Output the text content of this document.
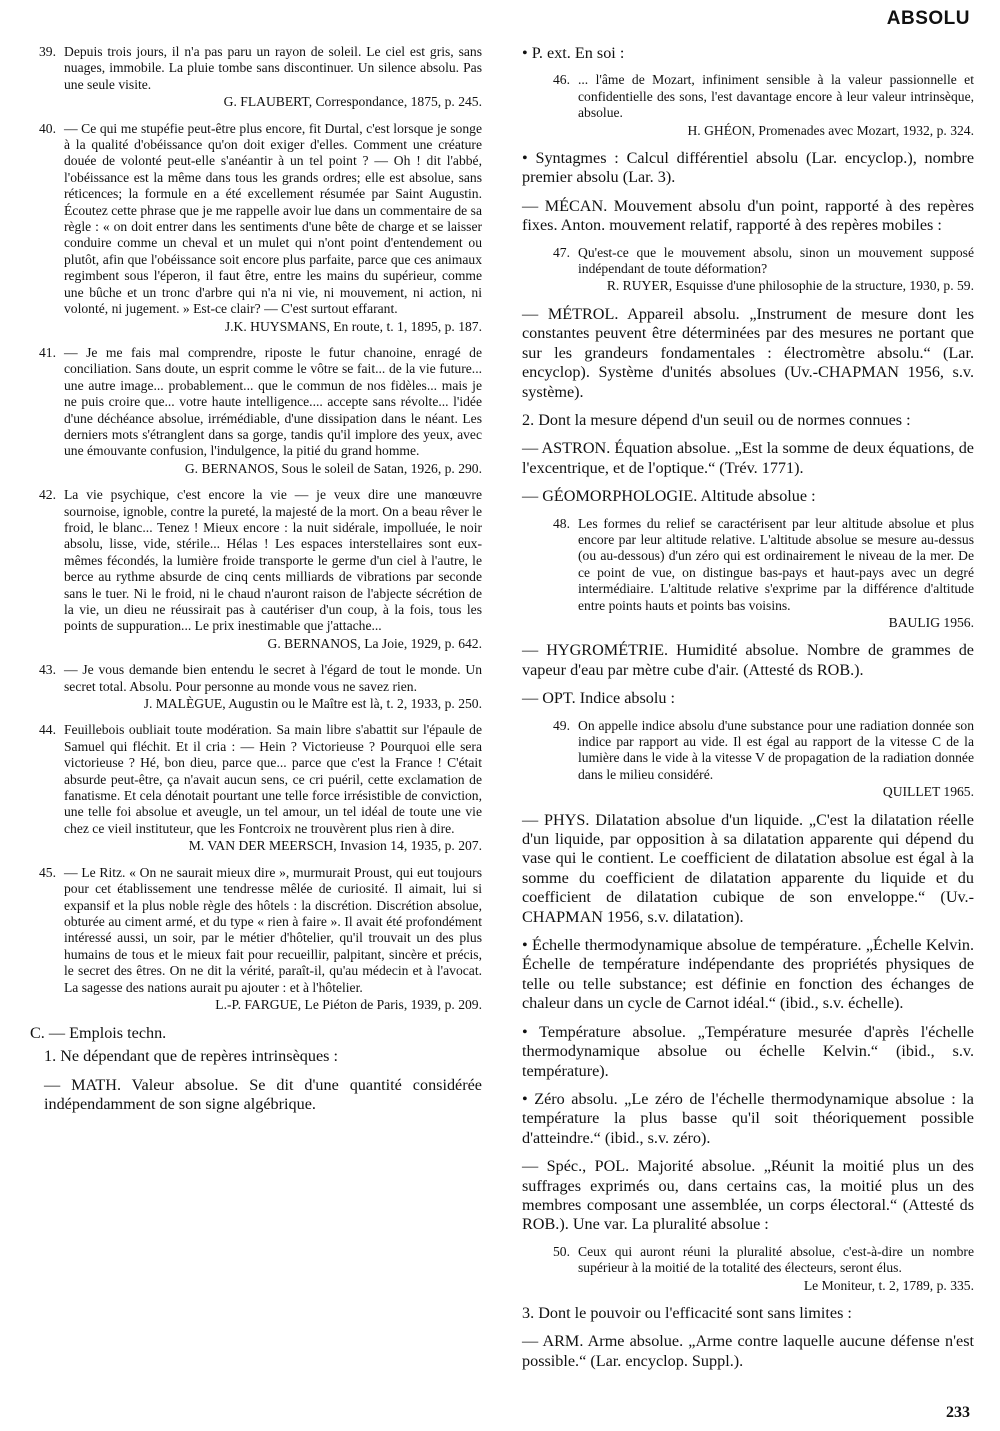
ABSOLU
39. Depuis trois jours, il n'a pas paru un rayon de soleil. Le ciel est gris, sans nuages, immobile. La pluie tombe sans discontinuer. Un silence absolu. Pas une seule visite.

G. FLAUBERT, Correspondance, 1875, p. 245.
40. — Ce qui me stupéfie peut-être plus encore, fit Durtal, c'est lorsque je songe à la qualité d'obéissance qu'on doit exiger d'elles. Comment une créature douée de volonté peut-elle s'anéantir à un tel point ? — Oh ! dit l'abbé, l'obéissance est la même dans tous les grands ordres; elle est absolue, sans réticences; la formule en a été excellement résumée par Saint Augustin. Écoutez cette phrase que je me rappelle avoir lue dans un commentaire de sa règle : « on doit entrer dans les sentiments d'une bête de charge et se laisser conduire comme un cheval et un mulet qui n'ont point d'entendement ou plutôt, afin que l'obéissance soit encore plus parfaite, parce que ces animaux regimbent sous l'éperon, il faut être, entre les mains du supérieur, comme une bûche et un tronc d'arbre qui n'a ni vie, ni mouvement, ni action, ni volonté, ni jugement. » Est-ce clair? — C'est surtout effarant.

J.K. HUYSMANS, En route, t. 1, 1895, p. 187.
41. — Je me fais mal comprendre, riposte le futur chanoine, enragé de conciliation. Sans doute, un esprit comme le vôtre se fait... de la vie future... une autre image... probablement... que le commun de nos fidèles... mais je ne puis croire que... votre haute intelligence.... accepte sans révolte... l'idée d'une déchéance absolue, irrémédiable, d'une dissipation dans le néant. Les derniers mots s'étranglent dans sa gorge, tandis qu'il implore des yeux, avec une émouvante confusion, l'indulgence, la pitié du grand homme.

G. BERNANOS, Sous le soleil de Satan, 1926, p. 290.
42. La vie psychique, c'est encore la vie — je veux dire une manœuvre sournoise, ignoble, contre la pureté, la majesté de la mort. On a beau rêver le froid, le blanc... Tenez ! Mieux encore : la nuit sidérale, impolluée, le noir absolu, lisse, vide, stérile... Hélas ! Les espaces interstellaires sont eux-mêmes fécondés, la lumière froide transporte le germe d'un ciel à l'autre, le berce au rythme absurde de cinq cents milliards de vibrations par seconde sans le tuer. Ni le froid, ni le chaud n'auront raison de l'abjecte sécrétion de la vie, un dieu ne réussirait pas à cautériser d'un coup, à la fois, tous les points de suppuration... Le prix inestimable que j'attache...

G. BERNANOS, La Joie, 1929, p. 642.
43. — Je vous demande bien entendu le secret à l'égard de tout le monde. Un secret total. Absolu. Pour personne au monde vous ne savez rien.

J. MALÈGUE, Augustin ou le Maître est là, t. 2, 1933, p. 250.
44. Feuillebois oubliait toute modération. Sa main libre s'abattit sur l'épaule de Samuel qui fléchit. Et il cria : — Hein ? Victorieuse ? Pourquoi elle sera victorieuse ? Hé, bon dieu, parce que... parce que c'est la France ! C'était absurde peut-être, ça n'avait aucun sens, ce cri puéril, cette exclamation de fanatisme. Et cela dénotait pourtant une telle force irrésistible de conviction, une telle foi absolue et aveugle, un tel amour, un tel idéal de toute une vie chez ce vieil instituteur, que les Fontcroix ne trouvèrent plus rien à dire.

M. VAN DER MEERSCH, Invasion 14, 1935, p. 207.
45. — Le Ritz. « On ne saurait mieux dire », murmurait Proust, qui eut toujours pour cet établissement une tendresse mêlée de curiosité. Il aimait, lui si expansif et la plus noble règle des hôtels : la discrétion. Discrétion absolue, obturée au ciment armé, et du type « rien à faire ». Il avait été profondément intéressé aussi, un soir, par le métier d'hôtelier, qu'il trouvait un des plus humains de tous et le mieux fait pour recueillir, palpitant, sincère et précis, le secret des êtres. On ne dit la vérité, paraît-il, qu'au médecin et à l'avocat. La sagesse des nations aurait pu ajouter : et à l'hôtelier.

L.-P. FARGUE, Le Piéton de Paris, 1939, p. 209.
C. — Emplois techn.
1. Ne dépendant que de repères intrinsèques :
— MATH. Valeur absolue. Se dit d'une quantité considérée indépendamment de son signe algébrique.
• P. ext. En soi :
46. ... l'âme de Mozart, infiniment sensible à la valeur passionnelle et confidentielle des sons, l'est davantage encore à leur valeur intrinsèque, absolue.

H. GHÉON, Promenades avec Mozart, 1932, p. 324.
• Syntagmes : Calcul différentiel absolu (Lar. encyclop.), nombre premier absolu (Lar. 3).
— MÉCAN. Mouvement absolu d'un point, rapporté à des repères fixes. Anton. mouvement relatif, rapporté à des repères mobiles :
47. Qu'est-ce que le mouvement absolu, sinon un mouvement supposé indépendant de toute déformation?

R. RUYER, Esquisse d'une philosophie de la structure, 1930, p. 59.
— MÉTROL. Appareil absolu. „Instrument de mesure dont les constantes peuvent être déterminées par des mesures ne portant que sur les grandeurs fondamentales : électromètre absolu.“ (Lar. encyclop). Système d'unités absolues (Uv.-CHAPMAN 1956, s.v. système).
2. Dont la mesure dépend d'un seuil ou de normes connues :
— ASTRON. Équation absolue. „Est la somme de deux équations, de l'excentrique, et de l'optique.“ (Trév. 1771).
— GÉOMORPHOLOGIE. Altitude absolue :
48. Les formes du relief se caractérisent par leur altitude absolue et plus encore par leur altitude relative. L'altitude absolue se mesure au-dessus (ou au-dessous) d'un zéro qui est ordinairement le niveau de la mer. De ce point de vue, on distingue bas-pays et haut-pays avec un degré intermédiaire. L'altitude relative s'exprime par la différence d'altitude entre points hauts et points bas voisins.

BAULIG 1956.
— HYGROMÉTRIE. Humidité absolue. Nombre de grammes de vapeur d'eau par mètre cube d'air. (Attesté ds ROB.).
— OPT. Indice absolu :
49. On appelle indice absolu d'une substance pour une radiation donnée son indice par rapport au vide. Il est égal au rapport de la vitesse C de la lumière dans le vide à la vitesse V de propagation de la radiation donnée dans le milieu considéré.

QUILLET 1965.
— PHYS. Dilatation absolue d'un liquide. „C'est la dilatation réelle d'un liquide, par opposition à sa dilatation apparente qui dépend du vase qui le contient. Le coefficient de dilatation absolue est égal à la somme du coefficient de dilatation apparente du liquide et du coefficient de dilatation cubique de son enveloppe.“ (Uv.-CHAPMAN 1956, s.v. dilatation).
• Échelle thermodynamique absolue de température. „Échelle Kelvin. Échelle de température indépendante des propriétés physiques de telle ou telle substance; est définie en fonction des échanges de chaleur dans un cycle de Carnot idéal.“ (ibid., s.v. échelle).
• Température absolue. „Température mesurée d'après l'échelle thermodynamique absolue ou échelle Kelvin.“ (ibid., s.v. température).
• Zéro absolu. „Le zéro de l'échelle thermodynamique absolue : la température la plus basse qu'il soit théoriquement possible d'atteindre.“ (ibid., s.v. zéro).
— Spéc., POL. Majorité absolue. „Réunit la moitié plus un des suffrages exprimés ou, dans certains cas, la moitié plus un des membres composant une assemblée, un corps électoral.“ (Attesté ds ROB.). Une var. La pluralité absolue :
50. Ceux qui auront réuni la pluralité absolue, c'est-à-dire un nombre supérieur à la moitié de la totalité des électeurs, seront élus.

Le Moniteur, t. 2, 1789, p. 335.
3. Dont le pouvoir ou l'efficacité sont sans limites :
— ARM. Arme absolue. „Arme contre laquelle aucune défense n'est possible.“ (Lar. encyclop. Suppl.).
233
